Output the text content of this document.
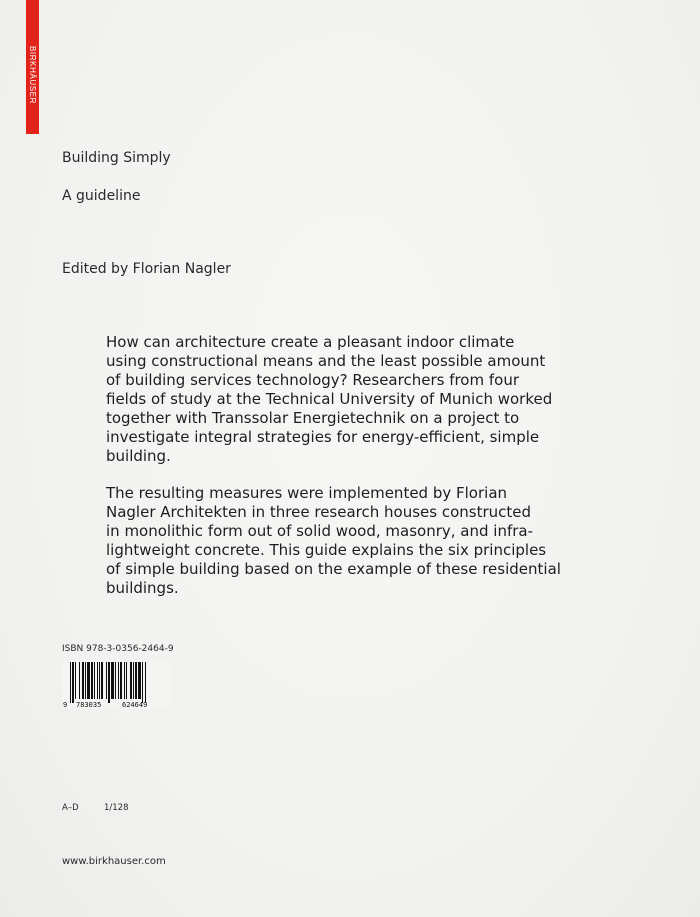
BIRKHÄUSER
Building Simply
A guideline
Edited by Florian Nagler

How can architecture create a pleasant indoor climate
using constructional means and the least possible amount
of building services technology? Researchers from four
fields of study at the Technical University of Munich worked
together with Transsolar Energietechnik on a project to
investigate integral strategies for energy-efficient, simple
building.

The resulting measures were implemented by Florian
Nagler Architekten in three research houses constructed
in monolithic form out of solid wood, masonry, and infra-
lightweight concrete. This guide explains the six principles
of simple building based on the example of these residential
buildings.

ISBN 978-3-0356-2464-9
9 783035	624649
A–D	1/128
www.birkhauser.com
